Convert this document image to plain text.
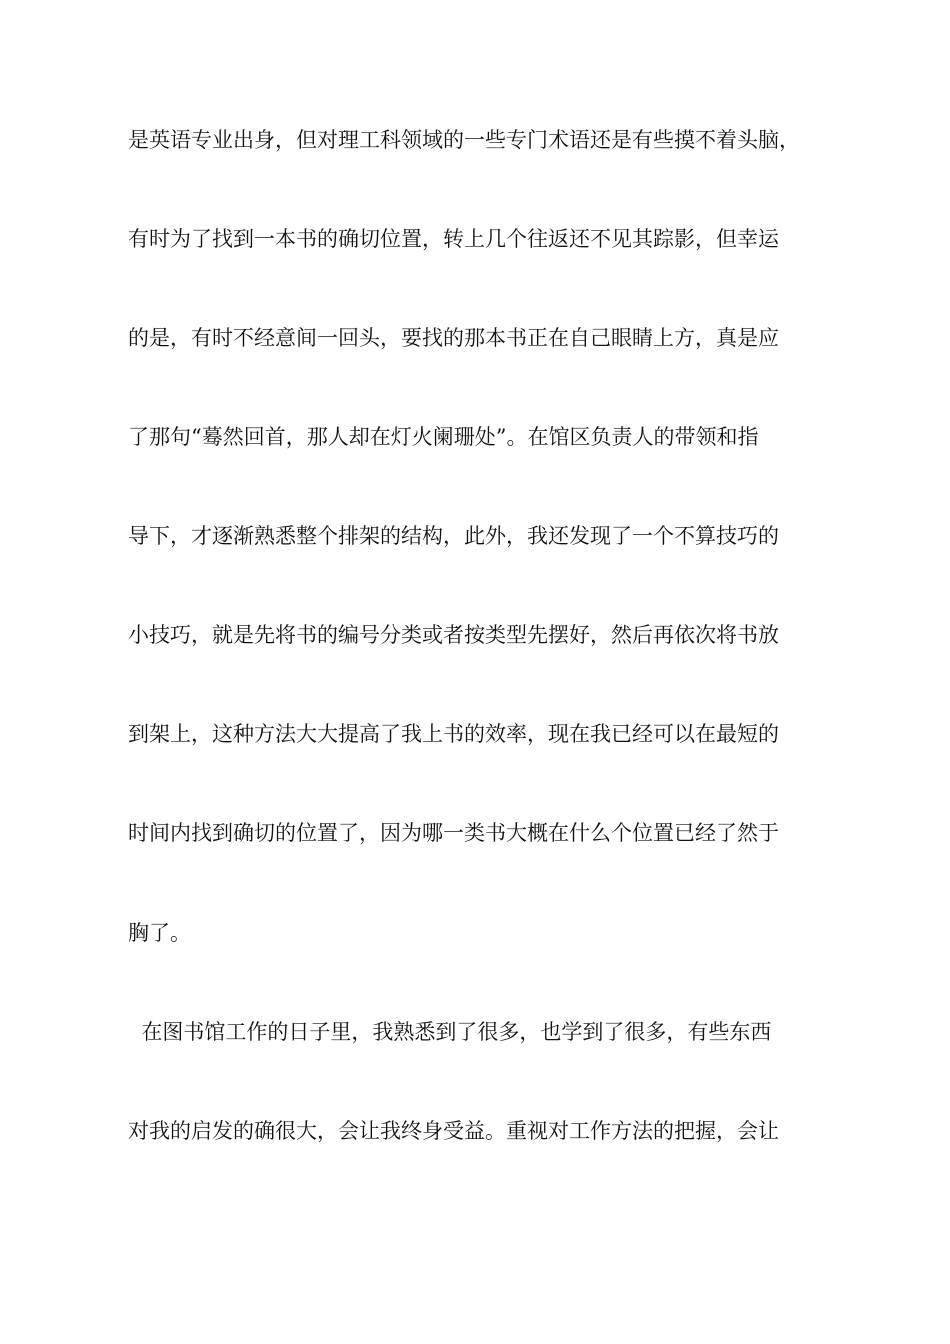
是英语专业出身，但对理工科领域的一些专门术语还是有些摸不着头脑，
有时为了找到一本书的确切位置，转上几个往返还不见其踪影，但幸运
的是，有时不经意间一回头，要找的那本书正在自己眼睛上方，真是应
了那句“蓦然回首，那人却在灯火阑珊处”。在馆区负责人的带领和指
导下，才逐渐熟悉整个排架的结构，此外，我还发现了一个不算技巧的
小技巧，就是先将书的编号分类或者按类型先摆好，然后再依次将书放
到架上，这种方法大大提高了我上书的效率，现在我已经可以在最短的
时间内找到确切的位置了，因为哪一类书大概在什么个位置已经了然于
胸了。
在图书馆工作的日子里，我熟悉到了很多，也学到了很多，有些东西
对我的启发的确很大，会让我终身受益。重视对工作方法的把握，会让
